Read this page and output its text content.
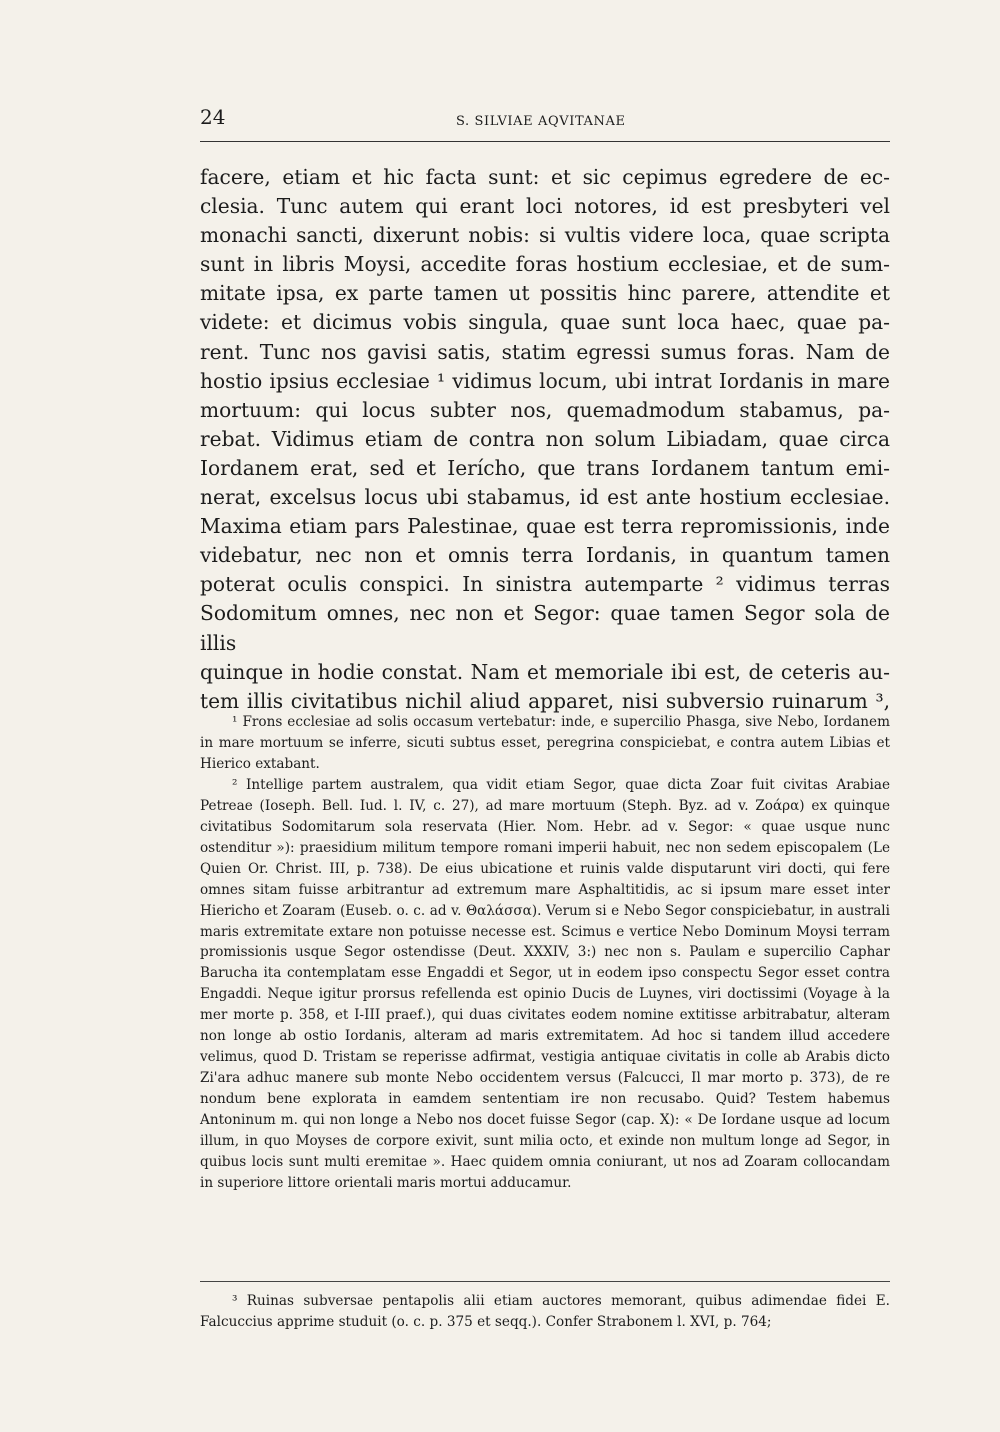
24	S. SILVIAE AQVITANAE
facere, etiam et hic facta sunt: et sic cepimus egredere de ec-
clesia. Tunc autem qui erant loci notores, id est presbyteri vel
monachi sancti, dixerunt nobis: si vultis videre loca, quae scripta
sunt in libris Moysi, accedite foras hostium ecclesiae, et de sum-
mitate ipsa, ex parte tamen ut possitis hinc parere, attendite et
videte: et dicimus vobis singula, quae sunt loca haec, quae pa-
rent. Tunc nos gavisi satis, statim egressi sumus foras. Nam de
hostio ipsius ecclesiae ¹ vidimus locum, ubi intrat Iordanis in mare
mortuum: qui locus subter nos, quemadmodum stabamus, pa-
rebat. Vidimus etiam de contra non solum Libiadam, quae circa
Iordanem erat, sed et Ierícho, que trans Iordanem tantum emi-
nerat, excelsus locus ubi stabamus, id est ante hostium ecclesiae.
Maxima etiam pars Palestinae, quae est terra repromissionis, inde
videbatur, nec non et omnis terra Iordanis, in quantum tamen
poterat oculis conspici. In sinistra autemparte ² vidimus terras
Sodomitum omnes, nec non et Segor: quae tamen Segor sola de illis
quinque in hodie constat. Nam et memoriale ibi est, de ceteris au-
tem illis civitatibus nichil aliud apparet, nisi subversio ruinarum ³,

¹ Frons ecclesiae ad solis occasum vertebatur: inde, e supercilio Phasga, sive Nebo, Iordanem in mare mortuum se inferre, sicuti subtus esset, peregrina conspiciebat, e contra autem Libias et Hierico extabant.

² Intellige partem australem, qua vidit etiam Segor, quae dicta Zoar fuit civitas Arabiae Petreae (Ioseph. Bell. Iud. l. IV, c. 27), ad mare mortuum (Steph. Byz. ad v. Ζοάρα) ex quinque civitatibus Sodomitarum sola reservata (Hier. Nom. Hebr. ad v. Segor: « quae usque nunc ostenditur »): praesidium militum tempore romani imperii habuit, nec non sedem episcopalem (Le Quien Or. Christ. III, p. 738). De eius ubicatione et ruinis valde disputarunt viri docti, qui fere omnes sitam fuisse arbitrantur ad extremum mare Asphaltitidis, ac si ipsum mare esset inter Hiericho et Zoaram (Euseb. o. c. ad v. Θαλάσσα). Verum si e Nebo Segor conspiciebatur, in australi maris extremitate extare non potuisse necesse est. Scimus e vertice Nebo Dominum Moysi terram promissionis usque Segor ostendisse (Deut. XXXIV, 3:) nec non s. Paulam e supercilio Caphar Barucha ita contemplatam esse Engaddi et Segor, ut in eodem ipso conspectu Segor esset contra Engaddi. Neque igitur prorsus refellenda est opinio Ducis de Luynes, viri doctissimi (Voyage à la mer morte p. 358, et I-III praef.), qui duas civitates eodem nomine extitisse arbitrabatur, alteram non longe ab ostio Iordanis, alteram ad maris extremitatem. Ad hoc si tandem illud accedere velimus, quod D. Tristam se reperisse adfirmat, vestigia antiquae civitatis in colle ab Arabis dicto Zi'ara adhuc manere sub monte Nebo occidentem versus (Falcucci, Il mar morto p. 373), de re nondum bene explorata in eamdem sententiam ire non recusabo. Quid? Testem habemus Antoninum m. qui non longe a Nebo nos docet fuisse Segor (cap. X): « De Iordane usque ad locum illum, in quo Moyses de corpore exivit, sunt milia octo, et exinde non multum longe ad Segor, in quibus locis sunt multi eremitae ». Haec quidem omnia coniurant, ut nos ad Zoaram collocandam in superiore littore orientali maris mortui adducamur.

³ Ruinas subversae pentapolis alii etiam auctores memorant, quibus adimendae fidei E. Falcuccius apprime studuit (o. c. p. 375 et seqq.). Confer Strabonem l. XVI, p. 764;
